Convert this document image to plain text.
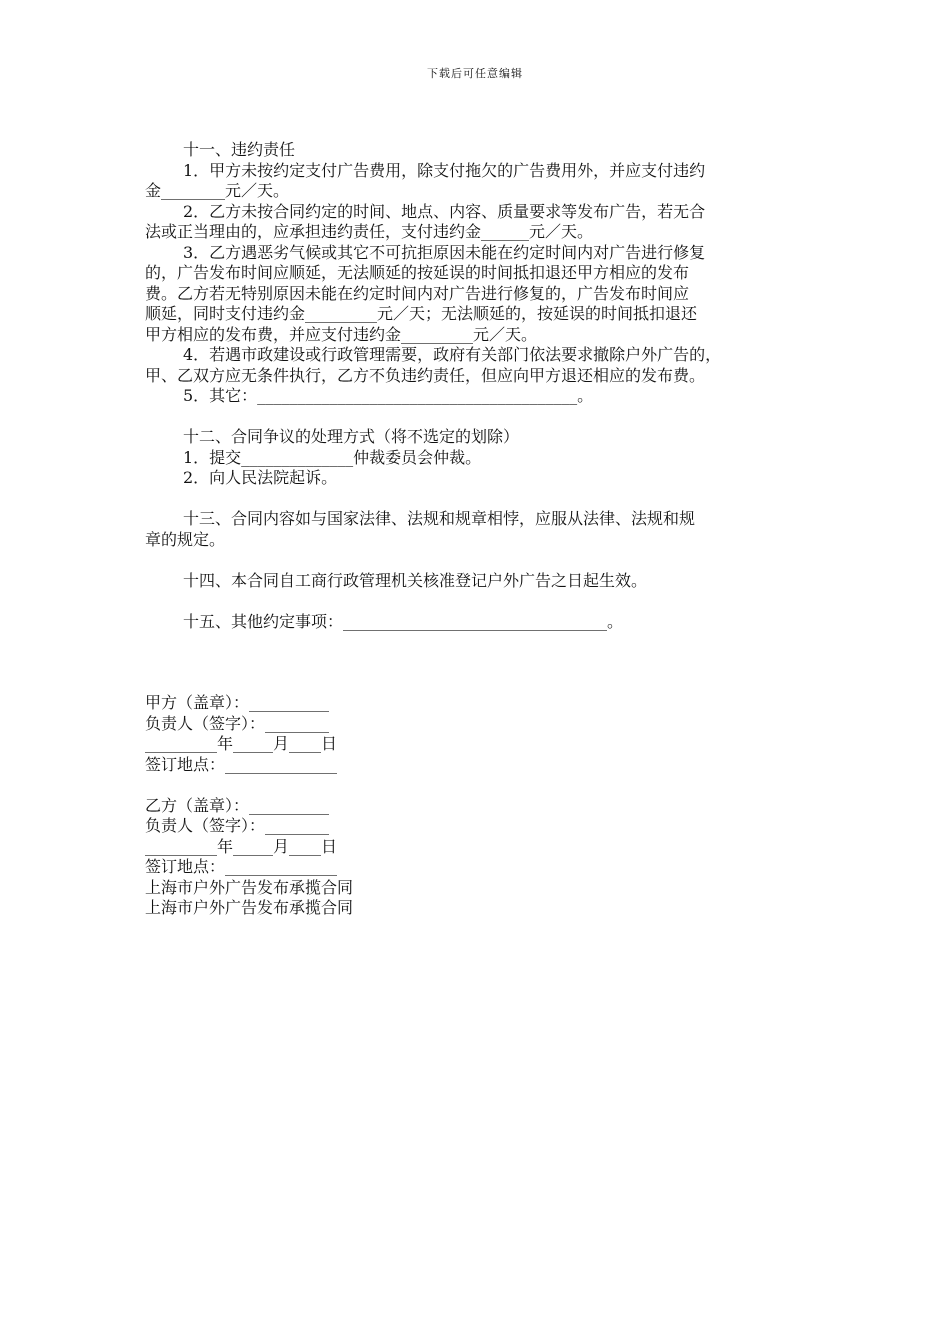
下载后可任意编辑

十一、违约责任

1．甲方未按约定支付广告费用，除支付拖欠的广告费用外，并应支付违约

金________元／天。

2．乙方未按合同约定的时间、地点、内容、质量要求等发布广告，若无合

法或正当理由的，应承担违约责任，支付违约金______元／天。

3．乙方遇恶劣气候或其它不可抗拒原因未能在约定时间内对广告进行修复

的，广告发布时间应顺延，无法顺延的按延误的时间抵扣退还甲方相应的发布

费。乙方若无特别原因未能在约定时间内对广告进行修复的，广告发布时间应

顺延，同时支付违约金_________元／天；无法顺延的，按延误的时间抵扣退还

甲方相应的发布费，并应支付违约金_________元／天。

4．若遇市政建设或行政管理需要，政府有关部门依法要求撤除户外广告的，

甲、乙双方应无条件执行，乙方不负违约责任，但应向甲方退还相应的发布费。

5．其它：________________________________________。

十二、合同争议的处理方式（将不选定的划除）

1．提交______________仲裁委员会仲裁。

2．向人民法院起诉。

十三、合同内容如与国家法律、法规和规章相悖，应服从法律、法规和规

章的规定。

十四、本合同自工商行政管理机关核准登记户外广告之日起生效。

十五、其他约定事项：_________________________________。

甲方（盖章）：__________

负责人（签字）：________

_________年_____月____日

签订地点：______________

乙方（盖章）：__________

负责人（签字）：________

_________年_____月____日

签订地点：______________

上海市户外广告发布承揽合同

上海市户外广告发布承揽合同
